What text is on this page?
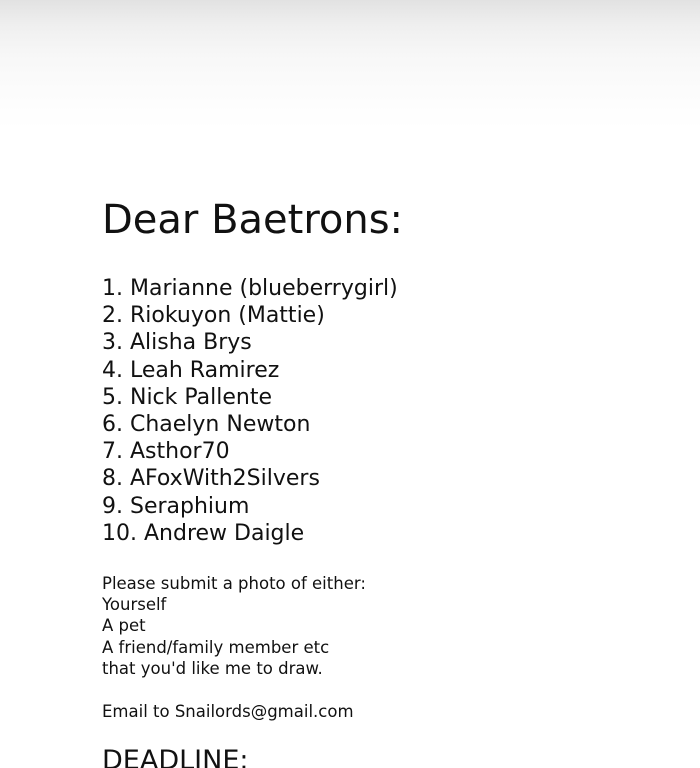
Dear Baetrons:
1. Marianne (blueberrygirl)
2. Riokuyon (Mattie)
3. Alisha Brys
4. Leah Ramirez
5. Nick Pallente
6. Chaelyn Newton
7. Asthor70
8. AFoxWith2Silvers
9. Seraphium
10. Andrew Daigle
Please submit a photo of either:
Yourself
A pet
A friend/family member etc
that you'd like me to draw.

Email to Snailords@gmail.com

DEADLINE:
